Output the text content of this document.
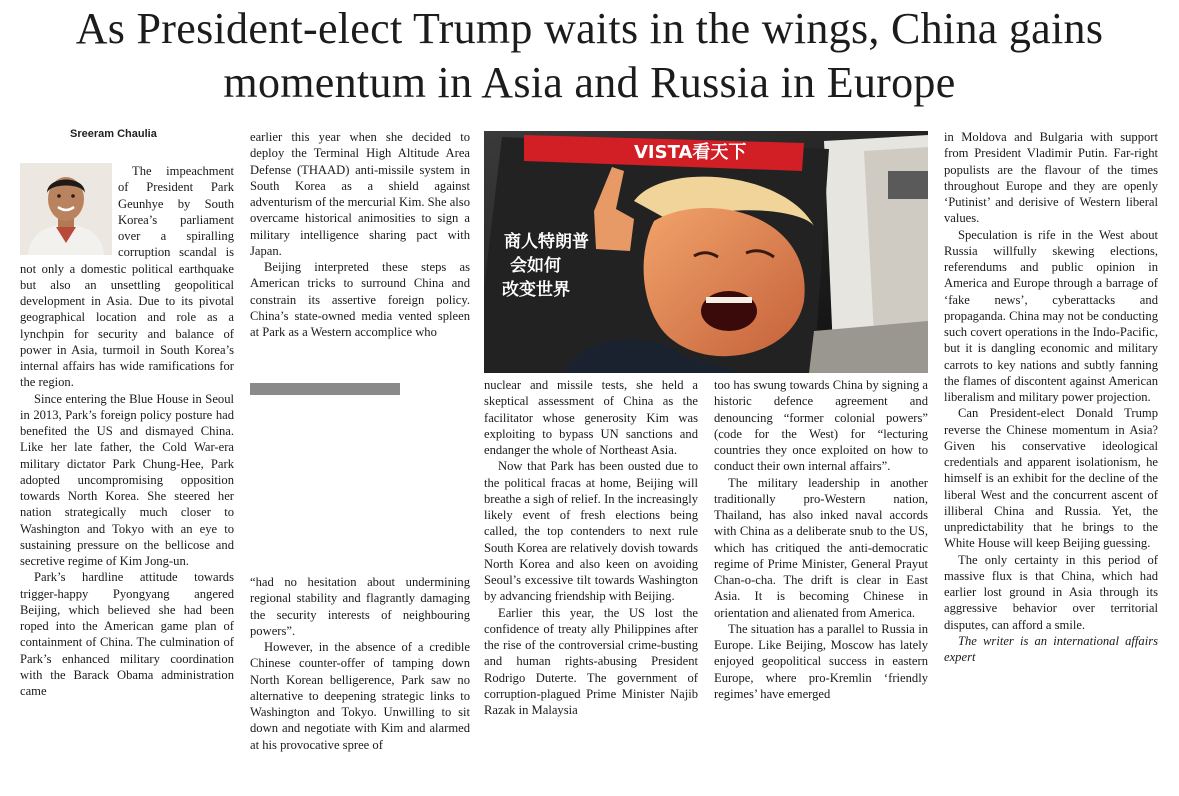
As President-elect Trump waits in the wings, China gains momentum in Asia and Russia in Europe
Sreeram Chaulia

The impeachment of President Park Geunhye by South Korea’s parliament over a spiralling corruption scandal is not only a domestic political earthquake but also an unsettling geopolitical development in Asia. Due to its pivotal geographical location and role as a lynchpin for security and balance of power in Asia, turmoil in South Korea’s internal affairs has wide ramifications for the region.

Since entering the Blue House in Seoul in 2013, Park’s foreign policy posture had benefited the US and dismayed China. Like her late father, the Cold War-era military dictator Park Chung-Hee, Park adopted uncompromising opposition towards North Korea. She steered her nation strategically much closer to Washington and Tokyo with an eye to sustaining pressure on the bellicose and secretive regime of Kim Jong-un.

Park’s hardline attitude towards trigger-happy Pyongyang angered Beijing, which believed she had been roped into the American game plan of containment of China. The culmination of Park’s enhanced military coordination with the Barack Obama administration came

earlier this year when she decided to deploy the Terminal High Altitude Area Defense (THAAD) anti-missile system in South Korea as a shield against adventurism of the mercurial Kim. She also overcame historical animosities to sign a military intelligence sharing pact with Japan.

Beijing interpreted these steps as American tricks to surround China and constrain its assertive foreign policy. China’s state-owned media vented spleen at Park as a Western accomplice who

“had no hesitation about undermining regional stability and flagrantly damaging the security interests of neighbouring powers”.

However, in the absence of a credible Chinese counter-offer of tamping down North Korean belligerence, Park saw no alternative to deepening strategic links to Washington and Tokyo. Unwilling to sit down and negotiate with Kim and alarmed at his provocative spree of

VISTA看天下
商人特朗普
会如何
改变世界

nuclear and missile tests, she held a skeptical assessment of China as the facilitator whose generosity Kim was exploiting to bypass UN sanctions and endanger the whole of Northeast Asia.

Now that Park has been ousted due to the political fracas at home, Beijing will breathe a sigh of relief. In the increasingly likely event of fresh elections being called, the top contenders to next rule South Korea are relatively dovish towards North Korea and also keen on avoiding Seoul’s excessive tilt towards Washington by advancing friendship with Beijing.

Earlier this year, the US lost the confidence of treaty ally Philippines after the rise of the controversial crime-busting and human rights-abusing President Rodrigo Duterte. The government of corruption-plagued Prime Minister Najib Razak in Malaysia

too has swung towards China by signing a historic defence agreement and denouncing “former colonial powers” (code for the West) for “lecturing countries they once exploited on how to conduct their own internal affairs”.

The military leadership in another traditionally pro-Western nation, Thailand, has also inked naval accords with China as a deliberate snub to the US, which has critiqued the anti-democratic regime of Prime Minister, General Prayut Chan-o-cha. The drift is clear in East Asia. It is becoming Chinese in orientation and alienated from America.

The situation has a parallel to Russia in Europe. Like Beijing, Moscow has lately enjoyed geopolitical success in eastern Europe, where pro-Kremlin ‘friendly regimes’ have emerged

in Moldova and Bulgaria with support from President Vladimir Putin. Far-right populists are the flavour of the times throughout Europe and they are openly ‘Putinist’ and derisive of Western liberal values.

Speculation is rife in the West about Russia willfully skewing elections, referendums and public opinion in America and Europe through a barrage of ‘fake news’, cyberattacks and propaganda. China may not be conducting such covert operations in the Indo-Pacific, but it is dangling economic and military carrots to key nations and subtly fanning the flames of discontent against American liberalism and military power projection.

Can President-elect Donald Trump reverse the Chinese momentum in Asia? Given his conservative ideological credentials and apparent isolationism, he himself is an exhibit for the decline of the liberal West and the concurrent ascent of illiberal China and Russia. Yet, the unpredictability that he brings to the White House will keep Beijing guessing.

The only certainty in this period of massive flux is that China, which had earlier lost ground in Asia through its aggressive behavior over territorial disputes, can afford a smile.

The writer is an international affairs expert
